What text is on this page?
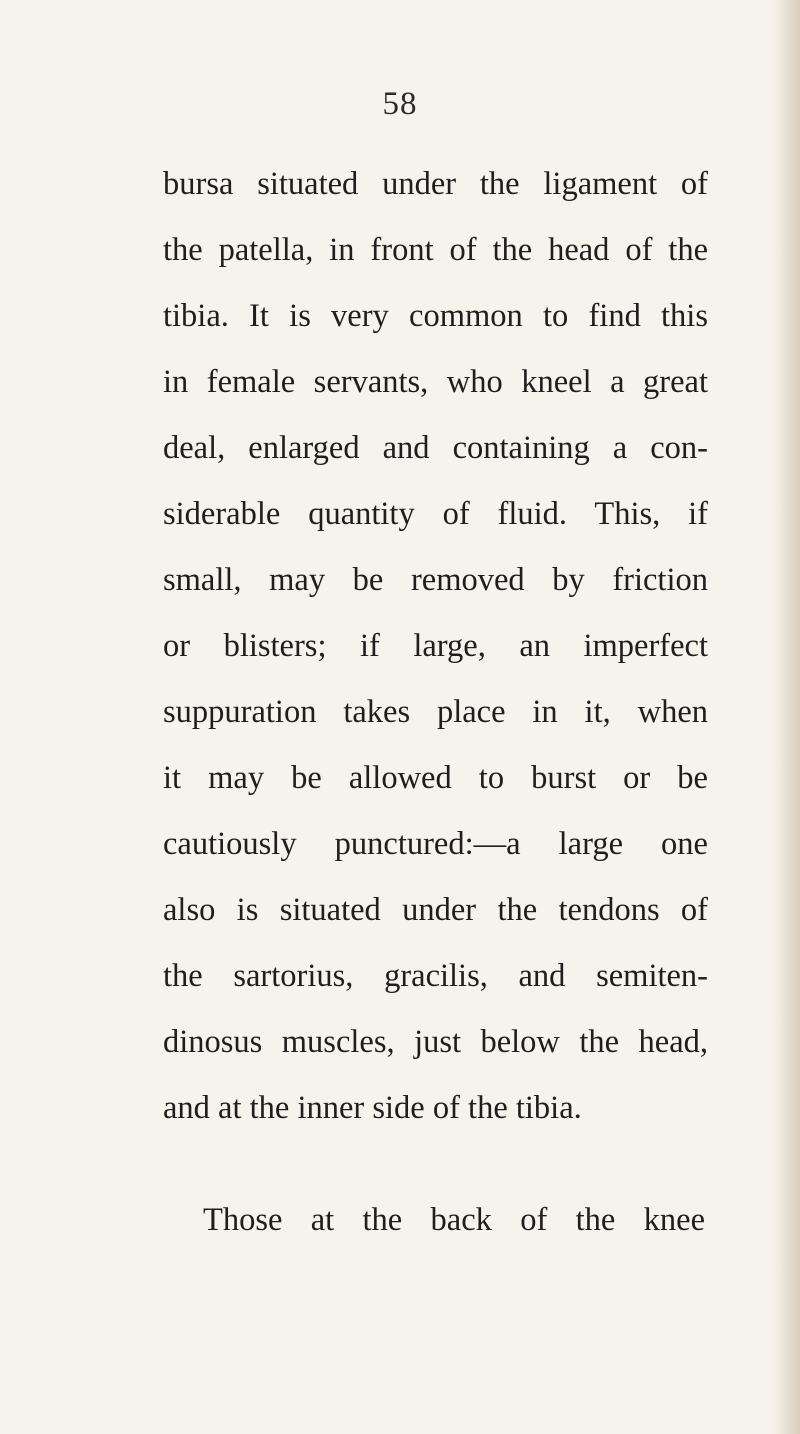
58
bursa situated under the ligament of
the patella, in front of the head of the
tibia. It is very common to find this
in female servants, who kneel a great
deal, enlarged and containing a con-
siderable quantity of fluid. This, if
small, may be removed by friction
or blisters; if large, an imperfect
suppuration takes place in it, when
it may be allowed to burst or be
cautiously punctured:—a large one
also is situated under the tendons of
the sartorius, gracilis, and semiten-
dinosus muscles, just below the head,
and at the inner side of the tibia.
Those at the back of the knee
